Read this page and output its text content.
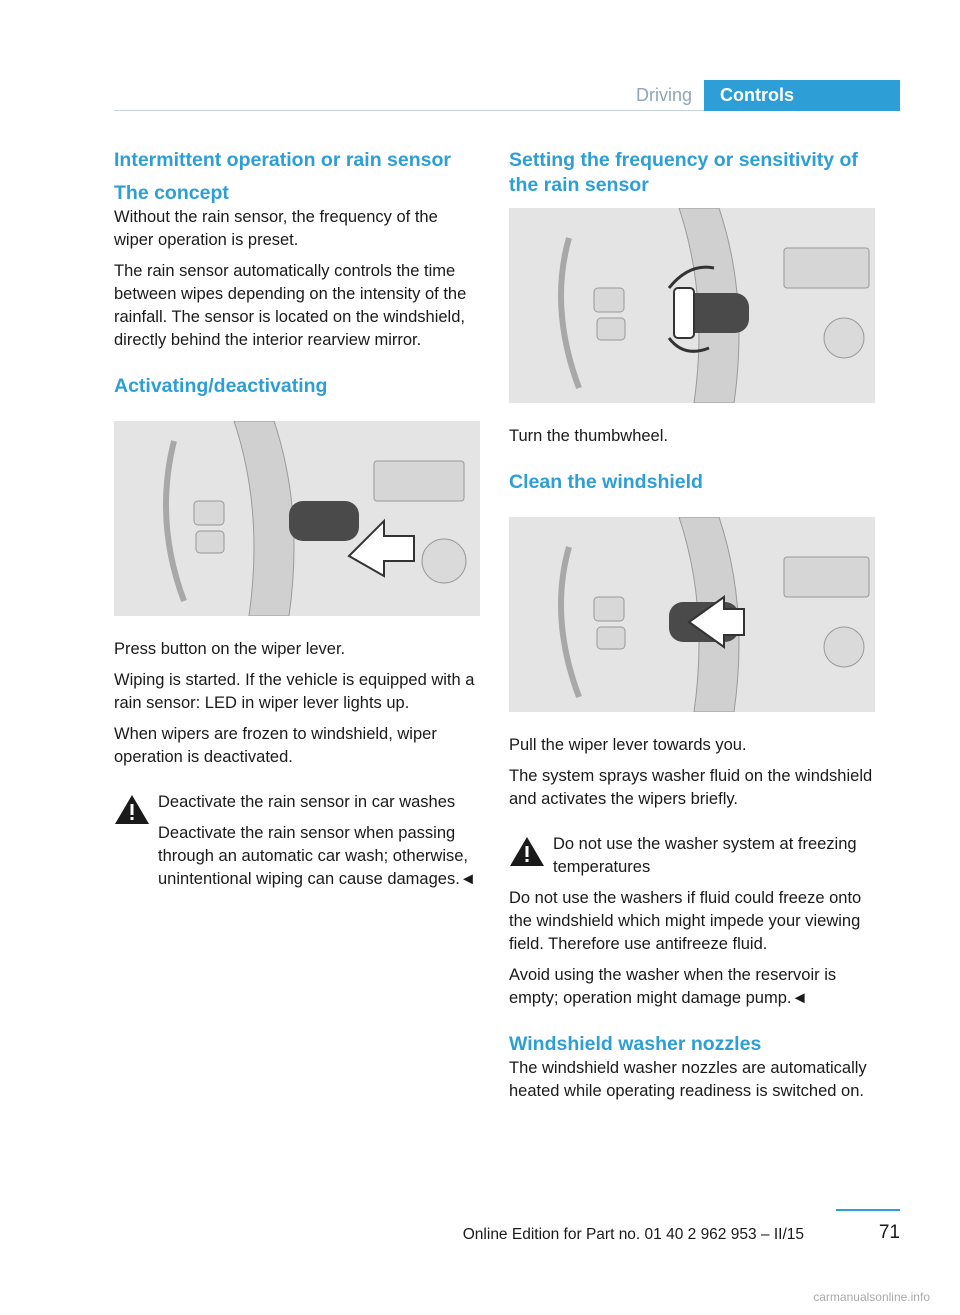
Driving	Controls
Intermittent operation or rain sensor
The concept

Without the rain sensor, the frequency of the wiper operation is preset.

The rain sensor automatically controls the time between wipes depending on the intensity of the rainfall. The sensor is located on the windshield, directly behind the interior rearview mirror.

Activating/deactivating

Press button on the wiper lever.

Wiping is started. If the vehicle is equipped with a rain sensor: LED in wiper lever lights up.

When wipers are frozen to windshield, wiper operation is deactivated.

Deactivate the rain sensor in car washes

Deactivate the rain sensor when passing through an automatic car wash; otherwise, unintentional wiping can cause damages.◄

Setting the frequency or sensitivity of the rain sensor

Turn the thumbwheel.

Clean the windshield

Pull the wiper lever towards you.

The system sprays washer fluid on the windshield and activates the wipers briefly.

Do not use the washer system at freezing temperatures

Do not use the washers if fluid could freeze onto the windshield which might impede your viewing field. Therefore use antifreeze fluid.

Avoid using the washer when the reservoir is empty; operation might damage pump.◄

Windshield washer nozzles

The windshield washer nozzles are automatically heated while operating readiness is switched on.

Online Edition for Part no. 01 40 2 962 953 – II/15	71
carmanualsonline.info
